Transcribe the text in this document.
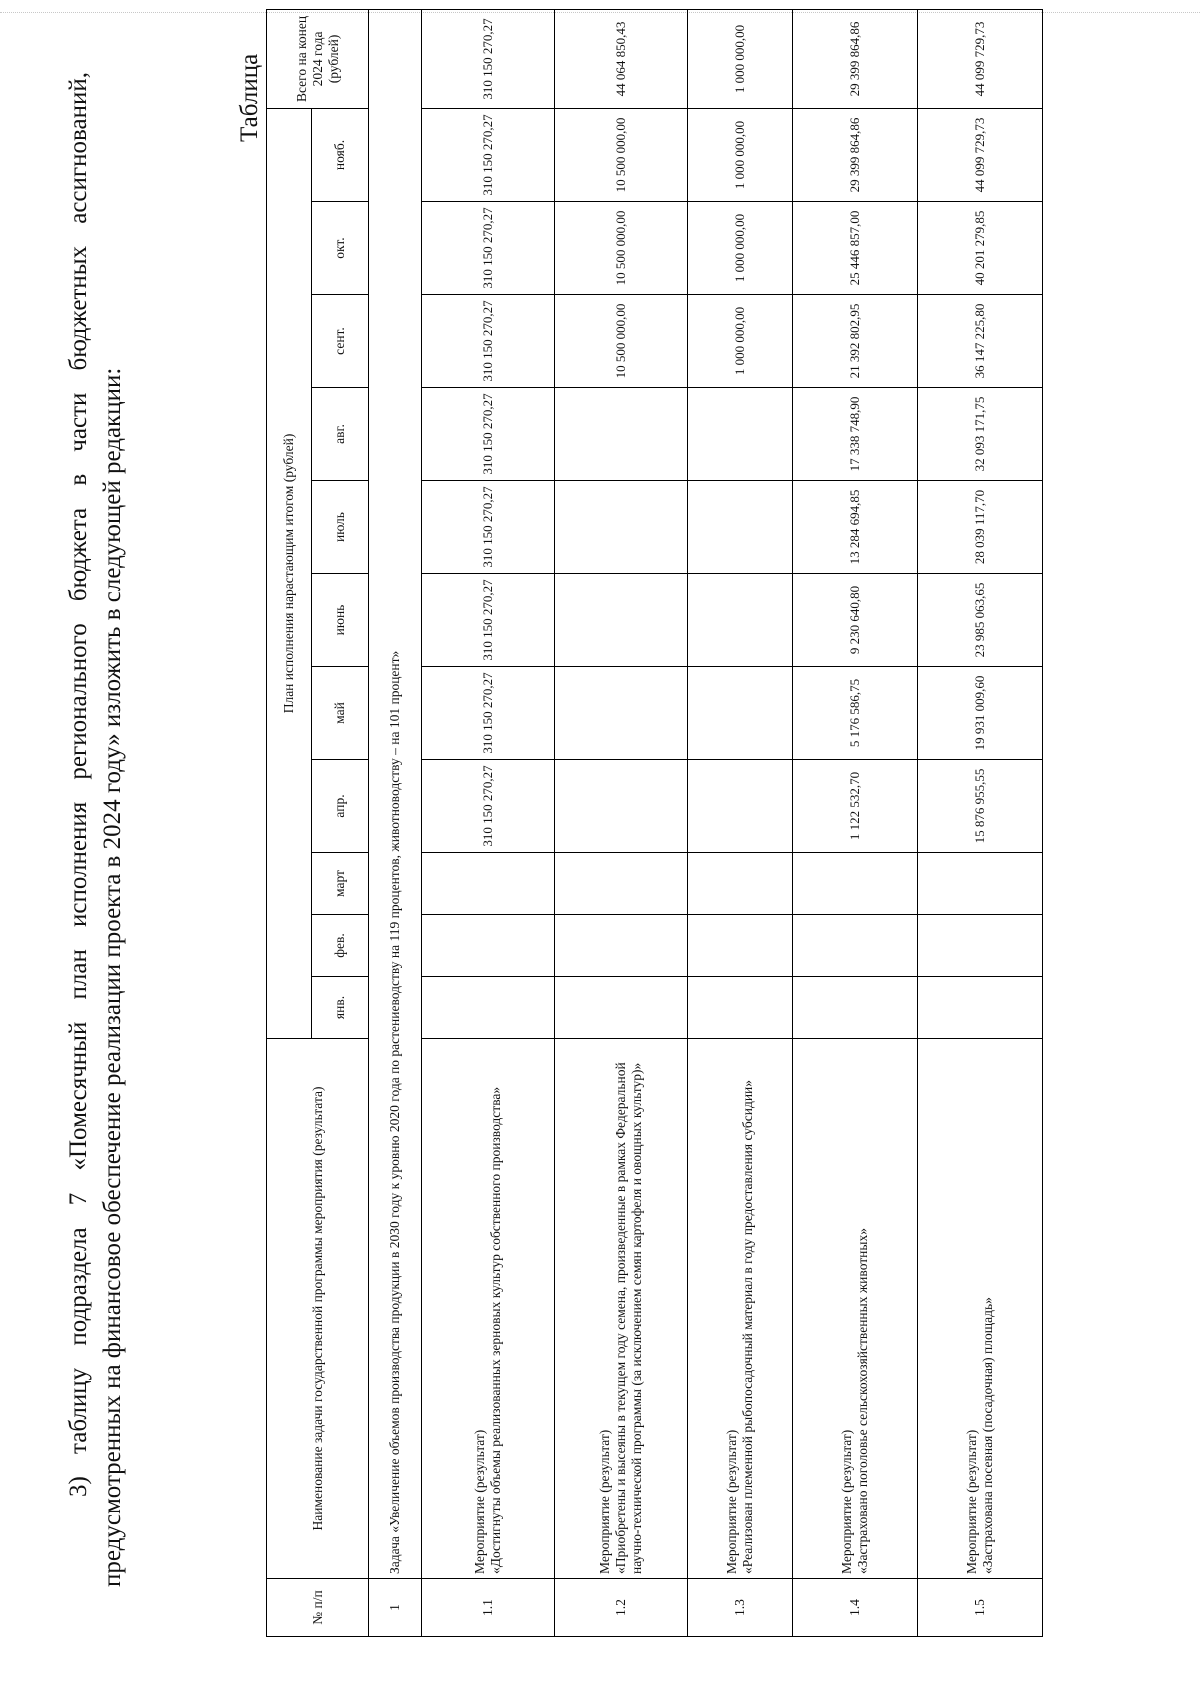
3) таблицу подраздела 7 «Помесячный план исполнения регионального бюджета в части бюджетных ассигнований, предусмотренных на финансовое обеспечение реализации проекта в 2024 году» изложить в следующей редакции:

Таблица
№ п/п	Наименование задачи государственной программы мероприятия (результата)	План исполнения нарастающим итогом (рублей)											Всего на конец 2024 года (рублей)
		янв.	фев.	март	апр.	май	июнь	июль	авг.	сент.	окт.	нояб.	
1	Задача «Увеличение объемов производства продукции в 2030 году к уровню 2020 года по растениеводству на 119 процентов, животноводству – на 101 процент»												
1.1	Мероприятие (результат) «Достигнуты объемы реализованных зерновых культур собственного производства»				310 150 270,27	310 150 270,27	310 150 270,27	310 150 270,27	310 150 270,27	310 150 270,27	310 150 270,27	310 150 270,27	310 150 270,27
1.2	Мероприятие (результат) «Приобретены и высеяны в текущем году семена, произведенные в рамках Федеральной научно-технической программы (за исключением семян картофеля и овощных культур)»									10 500 000,00	10 500 000,00	10 500 000,00	44 064 850,43
1.3	Мероприятие (результат) «Реализован племенной рыбопосадочный материал в году предоставления субсидии»									1 000 000,00	1 000 000,00	1 000 000,00	1 000 000,00
1.4	Мероприятие (результат) «Застраховано поголовье сельскохозяйственных животных»				1 122 532,70	5 176 586,75	9 230 640,80	13 284 694,85	17 338 748,90	21 392 802,95	25 446 857,00	29 399 864,86	29 399 864,86
1.5	Мероприятие (результат) «Застрахована посевная (посадочная) площадь»				15 876 955,55	19 931 009,60	23 985 063,65	28 039 117,70	32 093 171,75	36 147 225,80	40 201 279,85	44 099 729,73	44 099 729,73
